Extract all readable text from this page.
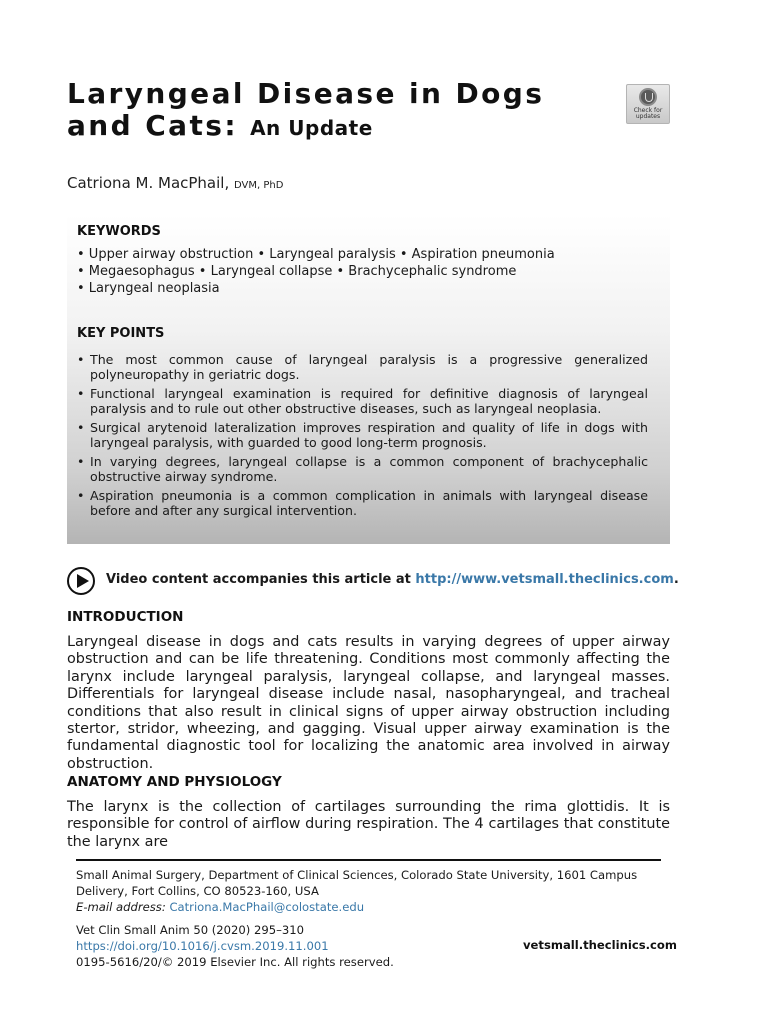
Laryngeal Disease in Dogs
and Cats: An Update
Check for updates
Catriona M. MacPhail, DVM, PhD
KEYWORDS
• Upper airway obstruction • Laryngeal paralysis • Aspiration pneumonia
• Megaesophagus • Laryngeal collapse • Brachycephalic syndrome
• Laryngeal neoplasia
KEY POINTS
• The most common cause of laryngeal paralysis is a progressive generalized polyneuropathy in geriatric dogs.
• Functional laryngeal examination is required for definitive diagnosis of laryngeal paralysis and to rule out other obstructive diseases, such as laryngeal neoplasia.
• Surgical arytenoid lateralization improves respiration and quality of life in dogs with laryngeal paralysis, with guarded to good long-term prognosis.
• In varying degrees, laryngeal collapse is a common component of brachycephalic obstructive airway syndrome.
• Aspiration pneumonia is a common complication in animals with laryngeal disease before and after any surgical intervention.
Video content accompanies this article at http://www.vetsmall.theclinics.com.
INTRODUCTION

Laryngeal disease in dogs and cats results in varying degrees of upper airway obstruction and can be life threatening. Conditions most commonly affecting the larynx include laryngeal paralysis, laryngeal collapse, and laryngeal masses. Differentials for laryngeal disease include nasal, nasopharyngeal, and tracheal conditions that also result in clinical signs of upper airway obstruction including stertor, stridor, wheezing, and gagging. Visual upper airway examination is the fundamental diagnostic tool for localizing the anatomic area involved in airway obstruction.

ANATOMY AND PHYSIOLOGY

The larynx is the collection of cartilages surrounding the rima glottidis. It is responsible for control of airflow during respiration. The 4 cartilages that constitute the larynx are

Small Animal Surgery, Department of Clinical Sciences, Colorado State University, 1601 Campus
Delivery, Fort Collins, CO 80523-160, USA
E-mail address: Catriona.MacPhail@colostate.edu
Vet Clin Small Anim 50 (2020) 295–310
https://doi.org/10.1016/j.cvsm.2019.11.001	vetsmall.theclinics.com
0195-5616/20/© 2019 Elsevier Inc. All rights reserved.
